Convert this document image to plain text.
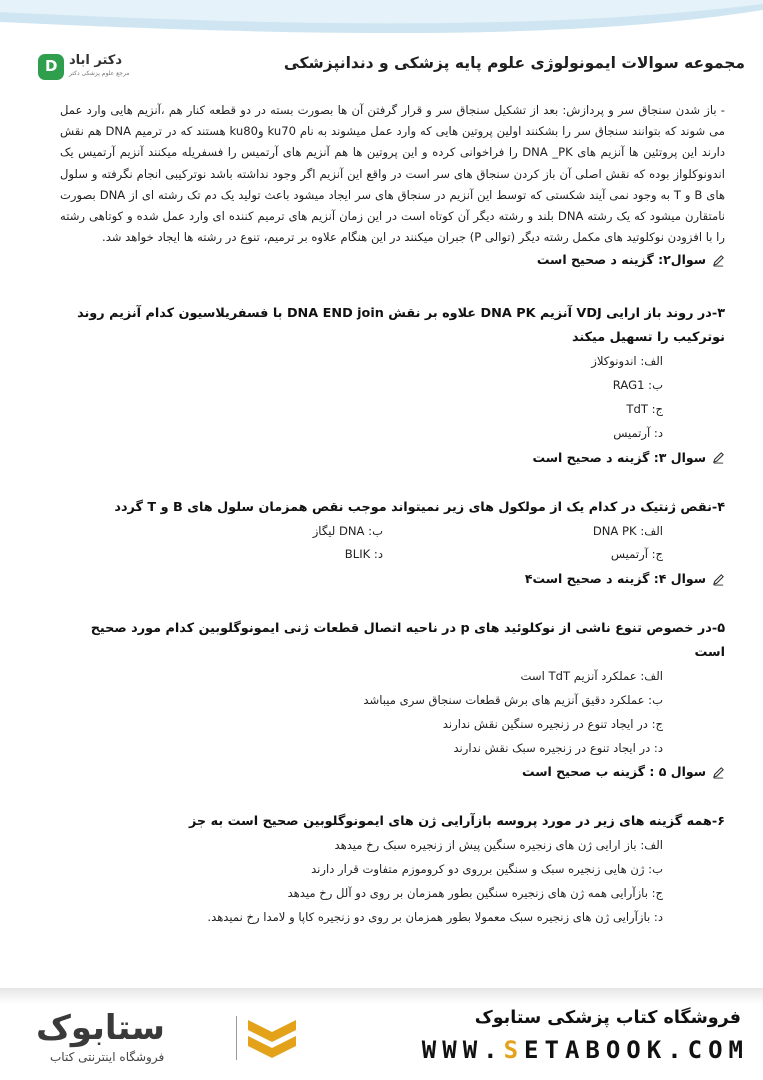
D دکتر اباد
مرجع علوم پزشکی دکتر
مجموعه سوالات ایمونولوژی علوم پایه پزشکی و دندانپزشکی

- باز شدن سنجاق سر و پردازش: بعد از تشکیل سنجاق سر و قرار گرفتن آن ها بصورت بسته در دو قطعه کنار هم ،آنزیم هایی وارد عمل می شوند که بتوانند سنجاق سر را بشکنند اولین پروتین هایی که وارد عمل میشوند به نام ku70 وku80 هستند که در ترمیم DNA هم نقش دارند این پروتئین ها آنزیم های DNA _PK را فراخوانی کرده و این پروتین ها هم آنزیم های آرتمیس را فسفریله میکنند آنزیم آرتمیس یک اندونوکلواز بوده که نقش اصلی آن باز کردن سنجاق های سر است در واقع این آنزیم اگر وجود نداشته باشد نوترکیبی انجام نگرفته و سلول های B و T به وجود نمی آیند شکستی که توسط این آنزیم در سنجاق های سر ایجاد میشود باعث تولید یک دم تک رشته ای از DNA بصورت نامتقارن میشود که یک رشته DNA بلند و رشته دیگر آن کوتاه است در این زمان آنزیم های ترمیم کننده ای وارد عمل شده و کوتاهی رشته را با افزودن نوکلوتید های مکمل رشته دیگر (توالی P) جبران میکنند در این هنگام علاوه بر ترمیم، تنوع در رشته ها ایجاد خواهد شد.

سوال۲: گزینه د صحیح است
۳-در روند باز ارایی VDJ آنزیم DNA PK علاوه بر نقش DNA END join با فسفریلاسیون کدام آنزیم روند نوترکیب را تسهیل میکند
الف: اندونوکلاز
ب: RAG1
ج: TdT
د: آرتمیس
سوال ۳: گزینه د صحیح است
۴-نقص ژنتیک در کدام یک از مولکول های زیر نمیتواند موجب نقص همزمان سلول های B و T گردد
الف: DNA PK
ب: DNA لیگاز
ج: آرتمیس
د: BLIK
سوال ۴: گزینه د صحیح است۴
۵-در خصوص تنوع ناشی از نوکلوئید های p در ناحیه اتصال قطعات ژنی ایمونوگلوبین کدام مورد صحیح است
الف: عملکرد آنزیم TdT است
ب: عملکرد دقیق آنزیم های برش قطعات سنجاق سری میباشد
ج: در ایجاد تنوع در زنجیره سنگین نقش ندارند
د: در ایجاد تنوع در زنجیره سبک نقش ندارند
سوال ۵ : گزینه ب صحیح است
۶-همه گزینه های زیر در مورد پروسه بازآرایی ژن های ایمونوگلوبین صحیح است به جز
الف: باز ارایی ژن های زنجیره سنگین پیش از زنجیره سبک رخ میدهد
ب: ژن هایی زنجیره سبک و سنگین برروی دو کروموزم متفاوت قرار دارند
ج: بازآرایی همه ژن های زنجیره سنگین بطور همزمان بر روی دو آلل رخ میدهد
د: بازآرایی ژن های زنجیره سبک معمولا بطور همزمان بر روی دو زنجیره کاپا و لامدا رخ نمیدهد.
ستابوک
فروشگاه اینترنتی کتاب
فروشگاه کتاب پزشکی ستابوک
WWW.SETABOOK.COM
